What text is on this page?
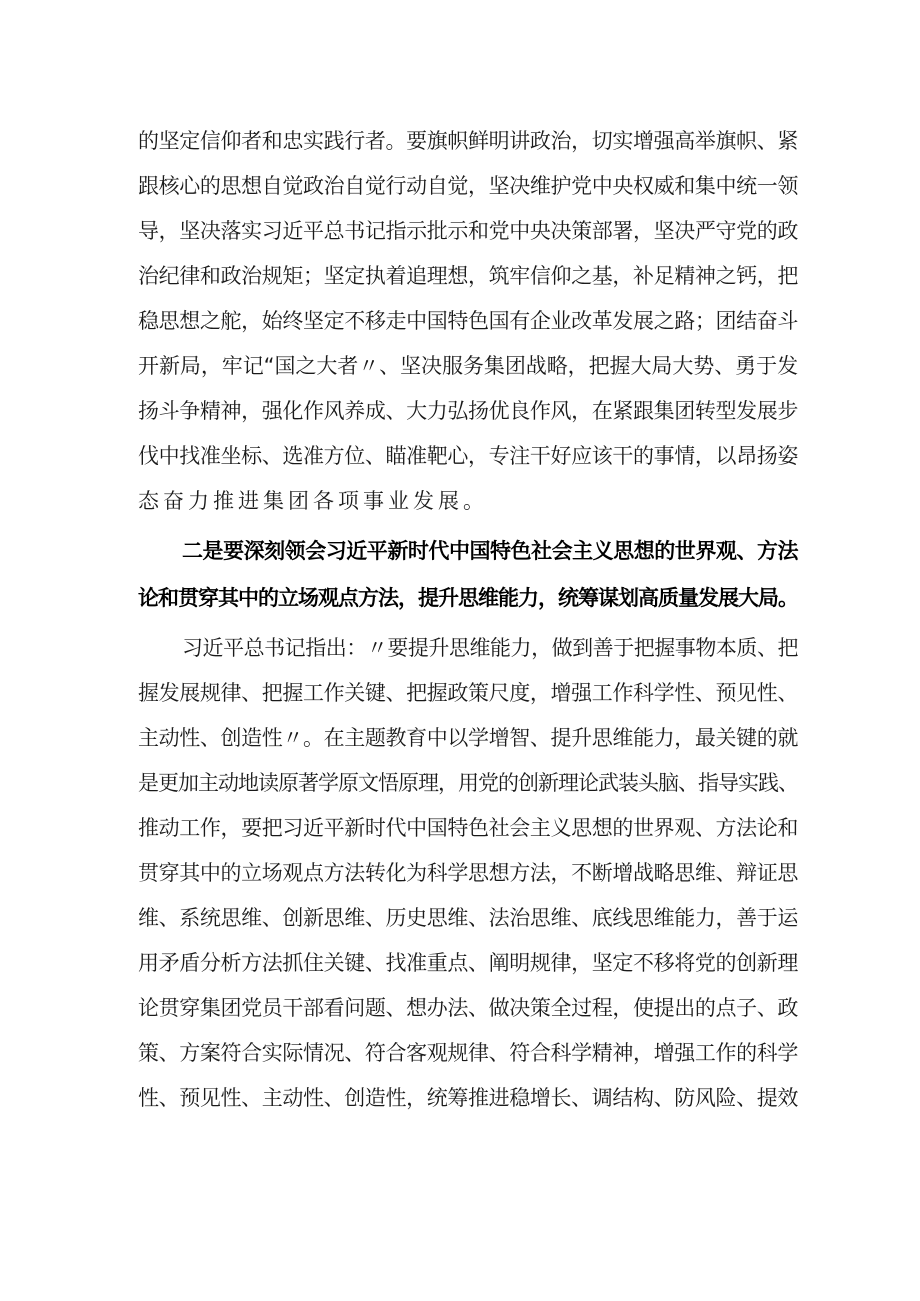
的坚定信仰者和忠实践行者。要旗帜鲜明讲政治，切实增强高举旗帜、紧
跟核心的思想自觉政治自觉行动自觉，坚决维护党中央权威和集中统一领
导，坚决落实习近平总书记指示批示和党中央决策部署，坚决严守党的政
治纪律和政治规矩；坚定执着追理想，筑牢信仰之基，补足精神之钙，把
稳思想之舵，始终坚定不移走中国特色国有企业改革发展之路；团结奋斗
开新局，牢记“国之大者〃、坚决服务集团战略，把握大局大势、勇于发
扬斗争精神，强化作风养成、大力弘扬优良作风，在紧跟集团转型发展步
伐中找准坐标、选准方位、瞄准靶心，专注干好应该干的事情，以昂扬姿
态奋力推进集团各项事业发展。
二是要深刻领会习近平新时代中国特色社会主义思想的世界观、方法
论和贯穿其中的立场观点方法，提升思维能力，统筹谋划高质量发展大局。
习近平总书记指出：〃要提升思维能力，做到善于把握事物本质、把
握发展规律、把握工作关键、把握政策尺度，增强工作科学性、预见性、
主动性、创造性〃。在主题教育中以学增智、提升思维能力，最关键的就
是更加主动地读原著学原文悟原理，用党的创新理论武装头脑、指导实践、
推动工作，要把习近平新时代中国特色社会主义思想的世界观、方法论和
贯穿其中的立场观点方法转化为科学思想方法，不断增战略思维、辩证思
维、系统思维、创新思维、历史思维、法治思维、底线思维能力，善于运
用矛盾分析方法抓住关键、找准重点、阐明规律，坚定不移将党的创新理
论贯穿集团党员干部看问题、想办法、做决策全过程，使提出的点子、政
策、方案符合实际情况、符合客观规律、符合科学精神，增强工作的科学
性、预见性、主动性、创造性，统筹推进稳增长、调结构、防风险、提效
